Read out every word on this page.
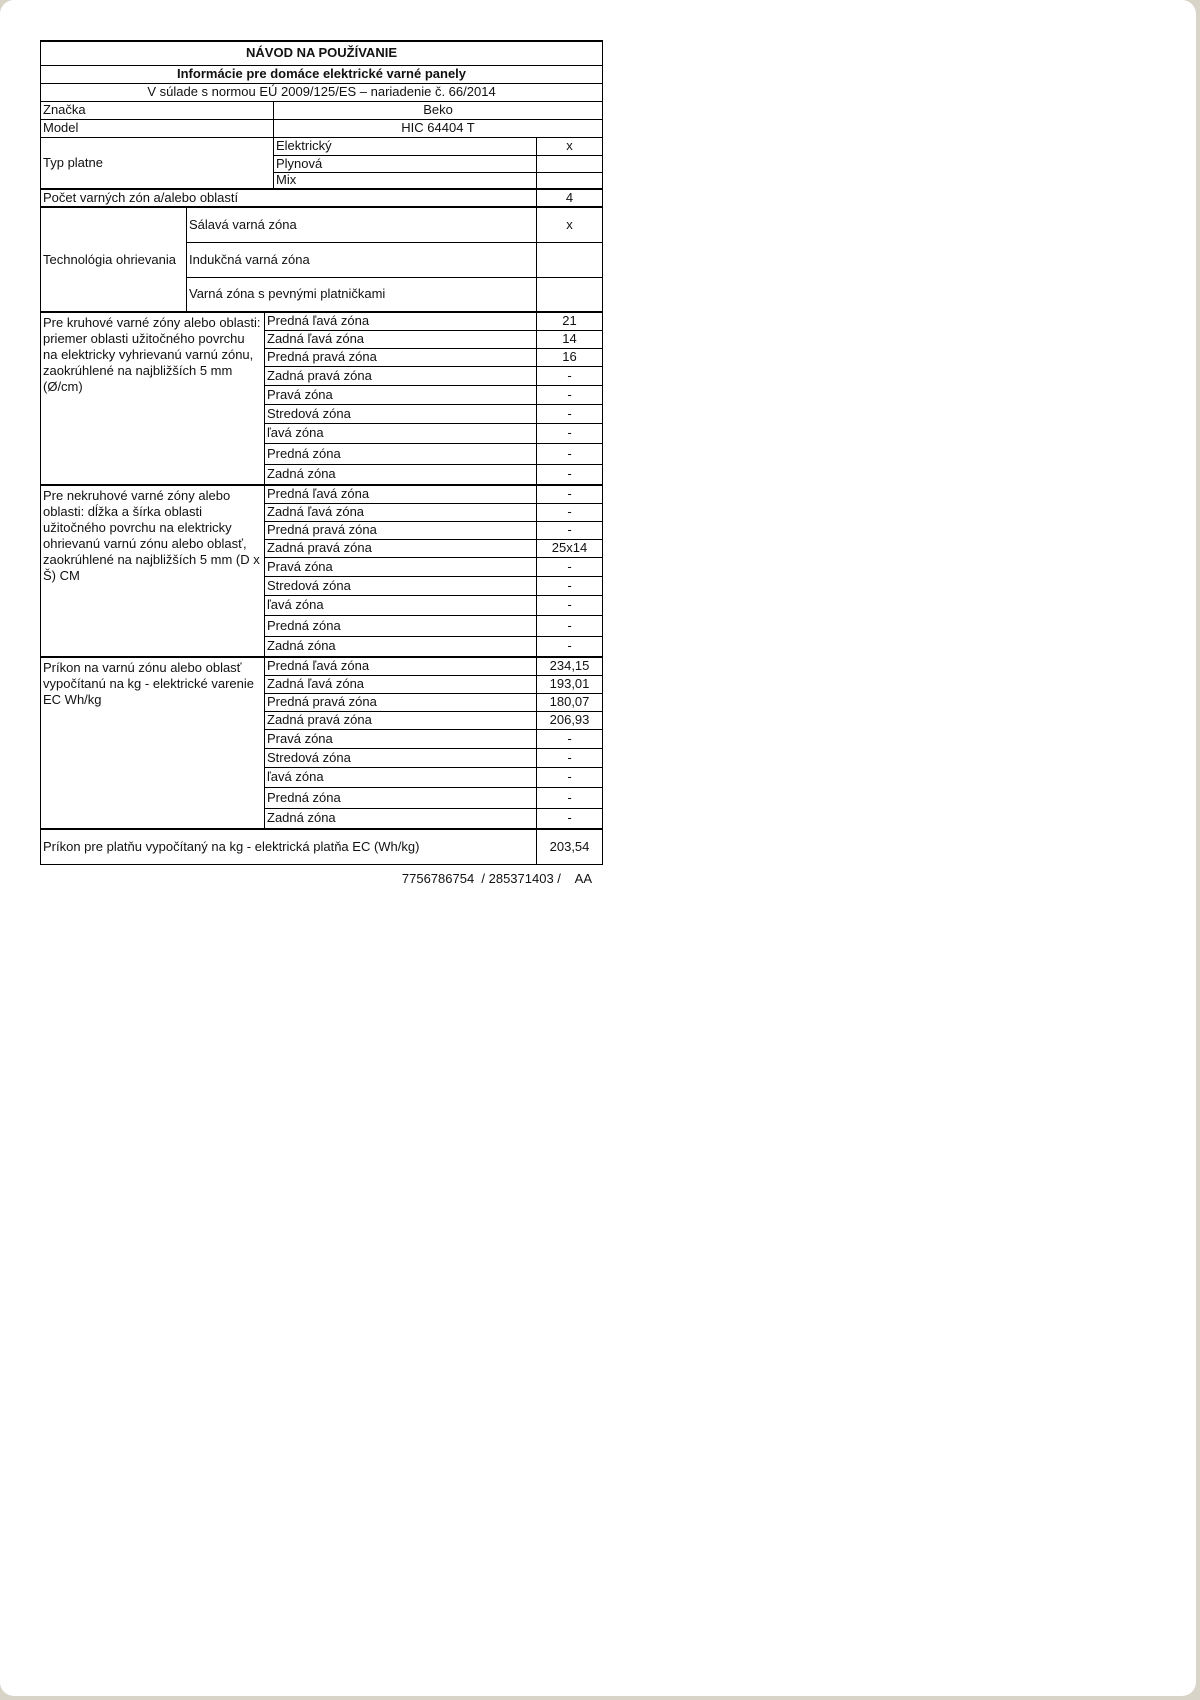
NÁVOD NA POUŽÍVANIE				
Informácie pre domáce elektrické varné panely				
V súlade s normou EÚ 2009/125/ES – nariadenie č. 66/2014				
Značka			Beko	
Model			HIC 64404 T	
Typ platne			Elektrický	x
			Plynová	
			Mix	
Počet varných zón a/alebo oblastí				4
Technológia ohrievania	Sálavá varná zóna			x
	Indukčná varná zóna			
	Varná zóna s pevnými platničkami			
Pre kruhové varné zóny alebo oblasti: priemer oblasti užitočného povrchu na elektricky vyhrievanú varnú zónu, zaokrúhlené na najbližších 5 mm (Ø/cm)		Predná ľavá zóna		21
		Zadná ľavá zóna		14
		Predná pravá zóna		16
		Zadná pravá zóna		-
		Pravá zóna		-
		Stredová zóna		-
		ľavá zóna		-
		Predná zóna		-
		Zadná zóna		-
Pre nekruhové varné zóny alebo oblasti: dĺžka a šírka oblasti užitočného povrchu na elektricky ohrievanú varnú zónu alebo oblasť, zaokrúhlené na najbližších 5 mm (D x Š) CM		Predná ľavá zóna		-
		Zadná ľavá zóna		-
		Predná pravá zóna		-
		Zadná pravá zóna		25x14
		Pravá zóna		-
		Stredová zóna		-
		ľavá zóna		-
		Predná zóna		-
		Zadná zóna		-
Príkon na varnú zónu alebo oblasť vypočítanú na kg - elektrické varenie EC Wh/kg		Predná ľavá zóna		234,15
		Zadná ľavá zóna		193,01
		Predná pravá zóna		180,07
		Zadná pravá zóna		206,93
		Pravá zóna		-
		Stredová zóna		-
		ľavá zóna		-
		Predná zóna		-
		Zadná zóna		-
Príkon pre platňu vypočítaný na kg - elektrická platňa EC (Wh/kg)				203,54
7756786754  / 285371403 /    AA
